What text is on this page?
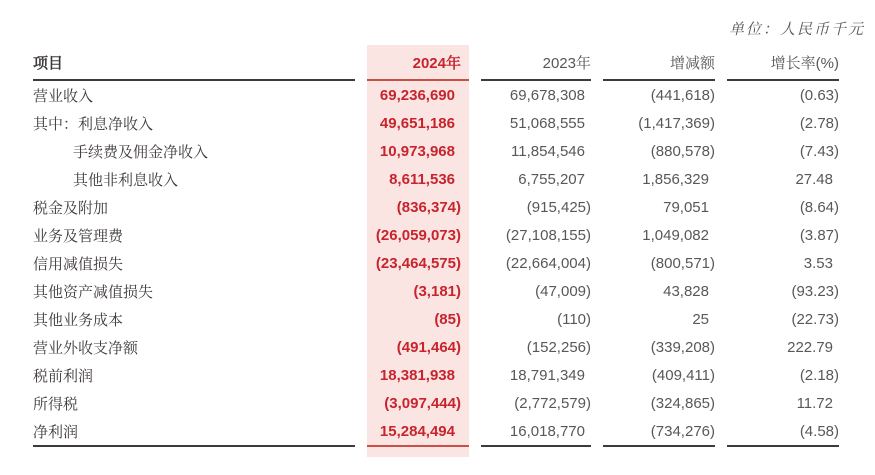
单位：人民币千元
项目	2024年	2023年	增减额	增长率(%)
营业收入	69,236,690	69,678,308	(441,618)	(0.63)
其中：利息净收入	49,651,186	51,068,555	(1,417,369)	(2.78)
手续费及佣金净收入	10,973,968	11,854,546	(880,578)	(7.43)
其他非利息收入	8,611,536	6,755,207	1,856,329	27.48
税金及附加	(836,374)	(915,425)	79,051	(8.64)
业务及管理费	(26,059,073)	(27,108,155)	1,049,082	(3.87)
信用减值损失	(23,464,575)	(22,664,004)	(800,571)	3.53
其他资产减值损失	(3,181)	(47,009)	43,828	(93.23)
其他业务成本	(85)	(110)	25	(22.73)
营业外收支净额	(491,464)	(152,256)	(339,208)	222.79
税前利润	18,381,938	18,791,349	(409,411)	(2.18)
所得税	(3,097,444)	(2,772,579)	(324,865)	11.72
净利润	15,284,494	16,018,770	(734,276)	(4.58)
